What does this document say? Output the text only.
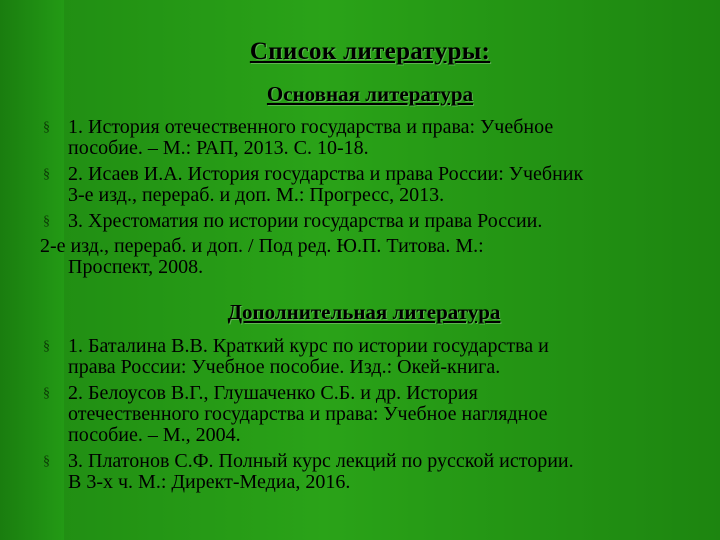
Список литературы:
Основная литература
§ 1. История отечественного государства и права: Учебное
пособие. – М.: РАП, 2013. С. 10-18.
§ 2. Исаев И.А. История государства и права России: Учебник
3-е изд., перераб. и доп. М.: Прогресс, 2013.
§ 3. Хрестоматия по истории государства и права России.
2-е изд., перераб. и доп. / Под ред. Ю.П. Титова. М.:
Проспект, 2008.
Дополнительная литература
§ 1. Баталина В.В. Краткий курс по истории государства и
права России: Учебное пособие. Изд.: Окей-книга.
§ 2. Белоусов В.Г., Глушаченко С.Б. и др. История
отечественного государства и права: Учебное наглядное
пособие. – М., 2004.
§ 3. Платонов С.Ф. Полный курс лекций по русской истории.
В 3-х ч. М.: Директ-Медиа, 2016.
